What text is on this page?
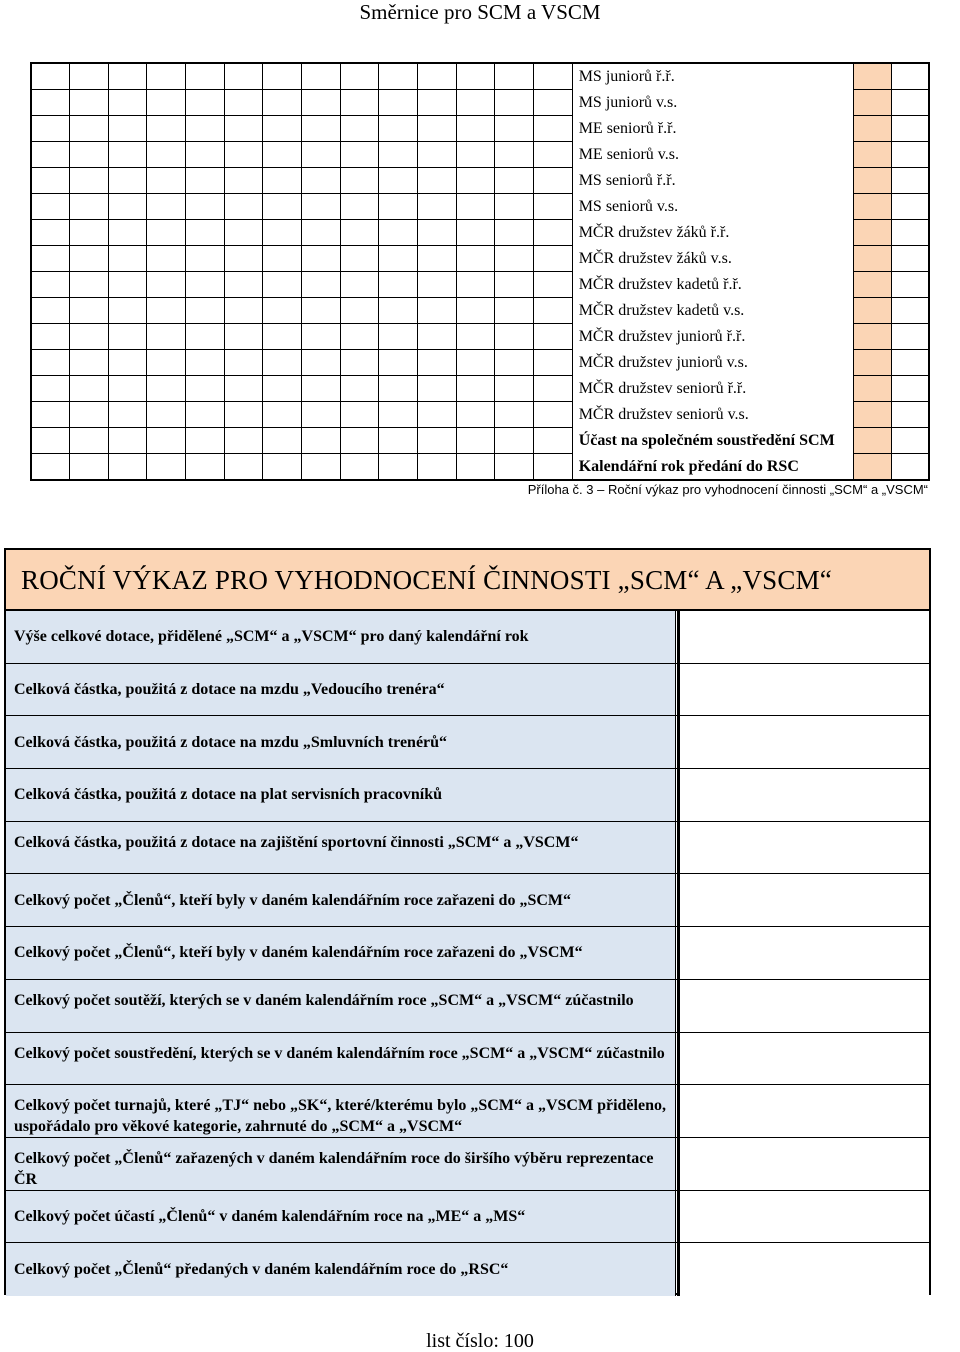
Směrnice pro SCM a VSCM
														MS juniorů ř.ř.		
														MS juniorů v.s.		
														ME seniorů ř.ř.		
														ME seniorů v.s.		
														MS seniorů ř.ř.		
														MS seniorů v.s.		
														MČR družstev žáků ř.ř.		
														MČR družstev žáků v.s.		
														MČR družstev kadetů ř.ř.		
														MČR družstev kadetů v.s.		
														MČR družstev juniorů ř.ř.		
														MČR družstev juniorů v.s.		
														MČR družstev seniorů ř.ř.		
														MČR družstev seniorů v.s.		
														Účast na společném soustředění SCM		
														Kalendářní rok předání do RSC		
Příloha č. 3 – Roční výkaz pro vyhodnocení činnosti „SCM“ a „VSCM“
ROČNÍ VÝKAZ PRO VYHODNOCENÍ ČINNOSTI „SCM“ A „VSCM“
Výše celkové dotace, přidělené „SCM“ a „VSCM“ pro daný kalendářní rok
Celková částka, použitá z dotace na mzdu „Vedoucího trenéra“
Celková částka, použitá z dotace na mzdu „Smluvních trenérů“
Celková částka, použitá z dotace na plat servisních pracovníků
Celková částka, použitá z dotace na zajištění sportovní činnosti „SCM“ a „VSCM“
Celkový počet „Členů“, kteří byly v daném kalendářním roce zařazeni do „SCM“
Celkový počet „Členů“, kteří byly v daném kalendářním roce zařazeni do „VSCM“
Celkový počet soutěží, kterých se v daném kalendářním roce „SCM“ a „VSCM“ zúčastnilo
Celkový počet soustředění, kterých se v daném kalendářním roce „SCM“ a „VSCM“ zúčastnilo
Celkový počet turnajů, které „TJ“ nebo „SK“, které/kterému bylo „SCM“ a „VSCM přiděleno, uspořádalo pro věkové kategorie, zahrnuté do „SCM“ a „VSCM“
Celkový počet „Členů“ zařazených v daném kalendářním roce do širšího výběru reprezentace ČR
Celkový počet účastí „Členů“ v daném kalendářním roce na „ME“ a „MS“
Celkový počet „Členů“ předaných v daném kalendářním roce do „RSC“
list číslo: 100
